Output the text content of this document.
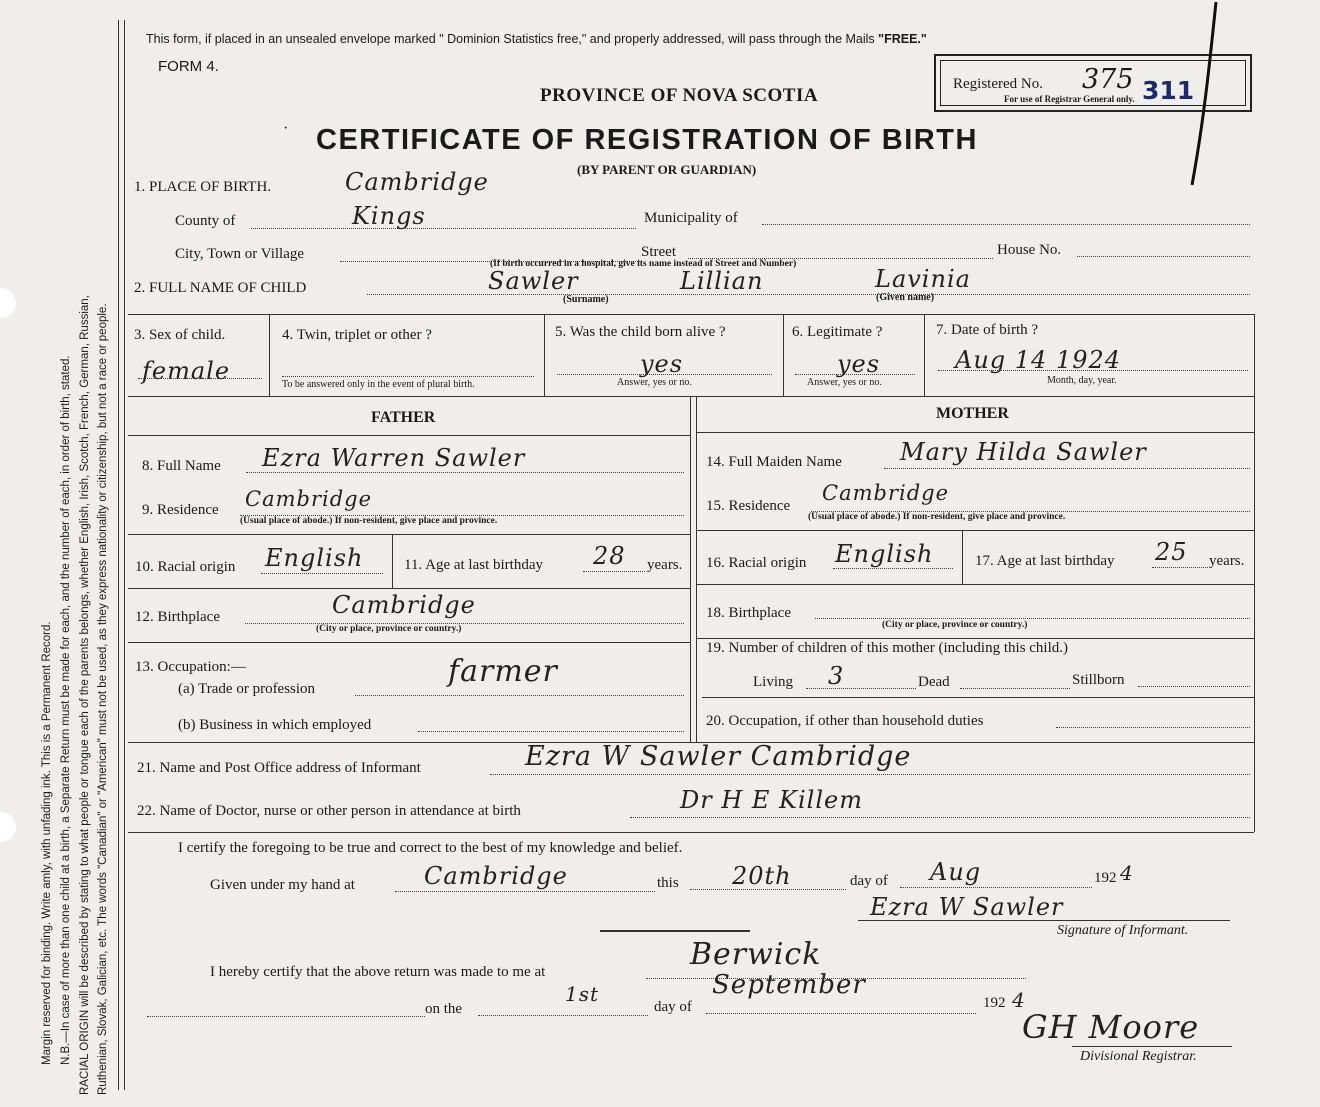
Margin reserved for binding. Write amly, with unfading ink. This is a Permanent Record. N.B.—In case of more than one child at a birth, a Separate Return must be made for each, and the number of each, in order of birth, stated. RACIAL ORIGIN will be described by stating to what people or tongue each of the parents belongs, whether English, Irish, Scotch, French, German, Russian, Ruthenian, Slovak, Galician, etc. The words "Canadian" or "American" must not be used, as they express nationality or citizenship, but not a race or people.
This form, if placed in an unsealed envelope marked " Dominion Statistics free," and properly addressed, will pass through the Mails "FREE."
FORM 4.
PROVINCE OF NOVA SCOTIA
· CERTIFICATE OF REGISTRATION OF BIRTH
(BY PARENT OR GUARDIAN)
Registered No. 375 311
For use of Registrar General only.
1. PLACE OF BIRTH.	Cambridge
County of	Kings	Municipality of
City, Town or Village	Street	House No.
(If birth occurred in a hospital, give its name instead of Street and Number)
2. FULL NAME OF CHILD	Sawler	Lillian	Lavinia
(Surname)	(Given name)
3. Sex of child.
female
4. Twin, triplet or other ?
To be answered only in the event of plural birth.
5. Was the child born alive ?
yes
Answer, yes or no.
6. Legitimate ?
yes
Answer, yes or no.
7. Date of birth ?
Aug 14 1924
Month, day, year.
FATHER
8. Full Name Ezra Warren Sawler
9. Residence Cambridge
(Usual place of abode.) If non-resident, give place and province.
10. Racial origin English	11. Age at last birthday 28 years.
12. Birthplace	Cambridge
(City or place, province or country.)
13. Occupation:—
(a) Trade or profession	farmer
(b) Business in which employed
MOTHER
14. Full Maiden Name Mary Hilda Sawler
15. Residence
Cambridge
(Usual place of abode.) If non-resident, give place and province.
16. Racial origin English	17. Age at last birthday 25 years.
18. Birthplace
(City or place, province or country.)
19. Number of children of this mother (including this child.)
Living 3	Dead	Stillborn
20. Occupation, if other than household duties
21. Name and Post Office address of Informant	Ezra W Sawler Cambridge
22. Name of Doctor, nurse or other person in attendance at birth	Dr H E Killem
I certify the foregoing to be true and correct to the best of my knowledge and belief.
Given under my hand at	Cambridge	this 20th	day of Aug	192 4
Ezra W Sawler
Signature of Informant.
I hereby certify that the above return was made to me at	Berwick
on the
1st
day of
September
192 4
GH Moore
Divisional Registrar.
